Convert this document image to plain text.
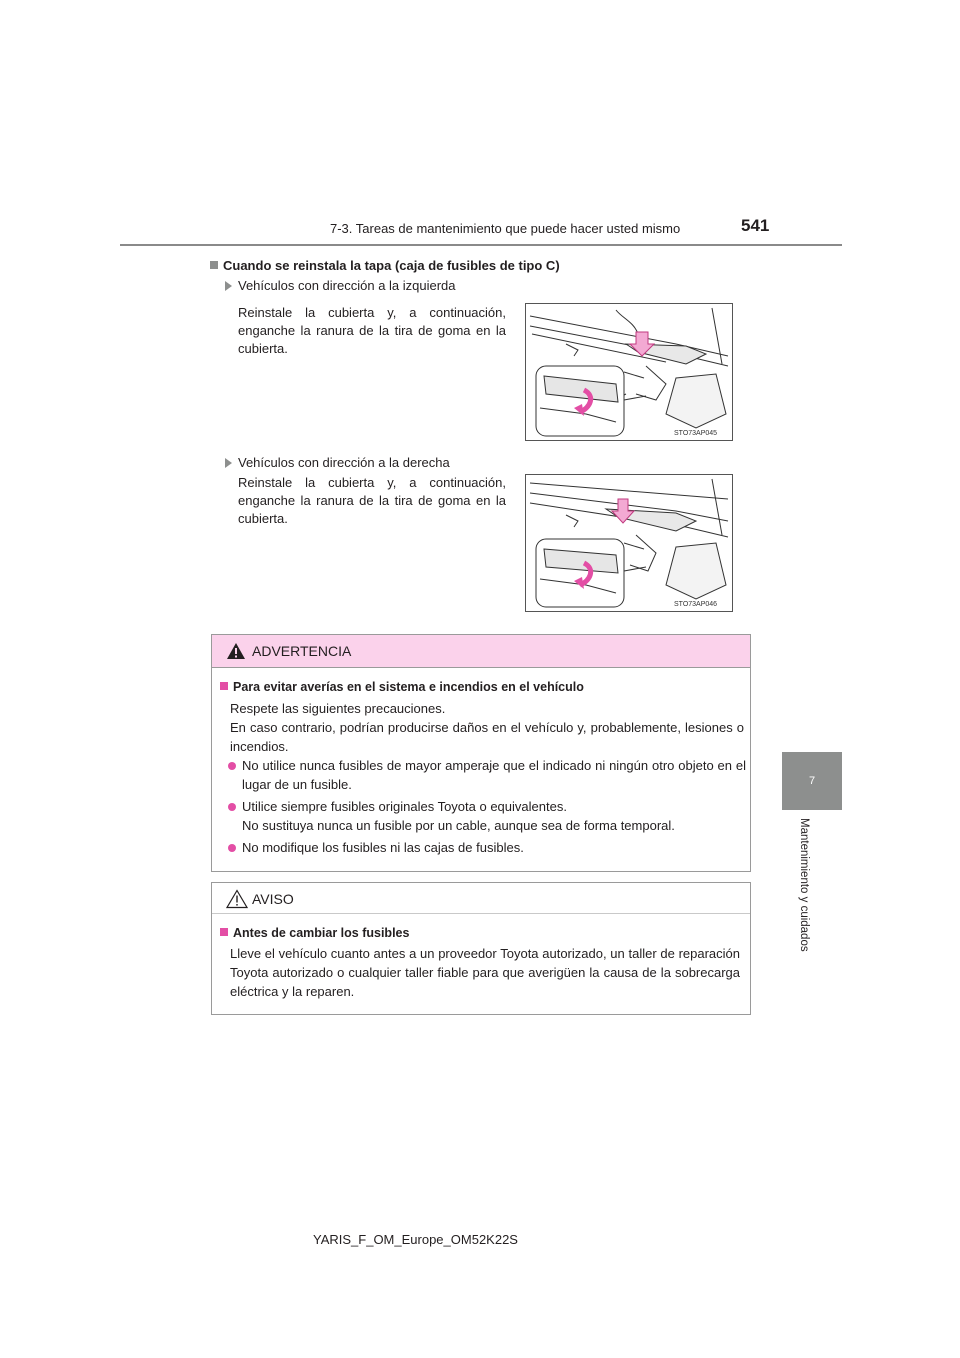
7-3. Tareas de mantenimiento que puede hacer usted mismo	541
7
Mantenimiento y cuidados
Cuando se reinstala la tapa (caja de fusibles de tipo C)
Vehículos con dirección a la izquierda
Reinstale la cubierta y, a continuación, enganche la ranura de la tira de goma en la cubierta.
STO73AP045
Vehículos con dirección a la derecha
Reinstale la cubierta y, a continuación, enganche la ranura de la tira de goma en la cubierta.
STO73AP046
ADVERTENCIA
Para evitar averías en el sistema e incendios en el vehículo
Respete las siguientes precauciones.
En caso contrario, podrían producirse daños en el vehículo y, probablemente, lesiones o incendios.
No utilice nunca fusibles de mayor amperaje que el indicado ni ningún otro objeto en el lugar de un fusible.
Utilice siempre fusibles originales Toyota o equivalentes.
No sustituya nunca un fusible por un cable, aunque sea de forma temporal.
No modifique los fusibles ni las cajas de fusibles.
AVISO
Antes de cambiar los fusibles
Lleve el vehículo cuanto antes a un proveedor Toyota autorizado, un taller de reparación Toyota autorizado o cualquier taller fiable para que averigüen la causa de la sobrecarga eléctrica y la reparen.
YARIS_F_OM_Europe_OM52K22S
